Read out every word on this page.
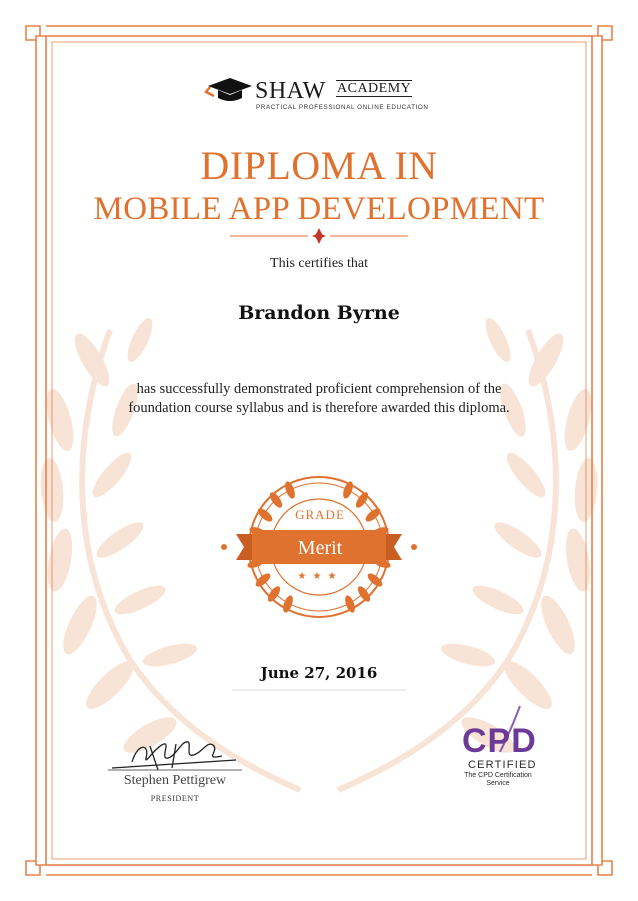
SHAW ACADEMY
PRACTICAL PROFESSIONAL ONLINE EDUCATION
DIPLOMA IN
MOBILE APP DEVELOPMENT
This certifies that
Brandon Byrne
has successfully demonstrated proficient comprehension of the
foundation course syllabus and is therefore awarded this diploma.
GRADE
Merit
★★★
June 27, 2016
Stephen Pettigrew
PRESIDENT
CPD
CERTIFIED
The CPD Certification
Service
